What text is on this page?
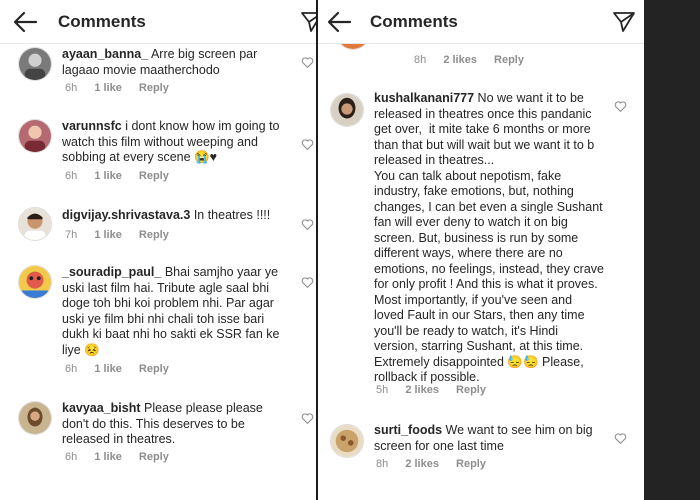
Comments
ayaan_banna_ Arre big screen par lagaao movie maatherchodo
6h 1 like Reply
varunnsfc i dont know how im going to watch this film without weeping and sobbing at every scene 😭♥
6h 1 like Reply
digvijay.shrivastava.3 In theatres !!!!
7h 1 like Reply
_souradip_paul_ Bhai samjho yaar ye uski last film hai. Tribute agle saal bhi doge toh bhi koi problem nhi. Par agar uski ye film bhi nhi chali toh isse bari dukh ki baat nhi ho sakti ek SSR fan ke liye 😣
6h 1 like Reply
kavyaa_bisht Please please please don't do this. This deserves to be released in theatres.
6h 1 like Reply
8h 2 likes Reply
Comments
kushalkanani777 No we want it to be released in theatres once this pandanic get over,  it mite take 6 months or more than that but will wait but we want it to b released in theatres...
You can talk about nepotism, fake industry, fake emotions, but, nothing changes, I can bet even a single Sushant fan will ever deny to watch it on big screen. But, business is run by some different ways, where there are no emotions, no feelings, instead, they crave for only profit ! And this is what it proves. Most importantly, if you've seen and loved Fault in our Stars, then any time you'll be ready to watch, it's Hindi version, starring Sushant, at this time. Extremely disappointed 😓😓 Please, rollback if possible.
5h 2 likes Reply
surti_foods We want to see him on big screen for one last time
8h 2 likes Reply
